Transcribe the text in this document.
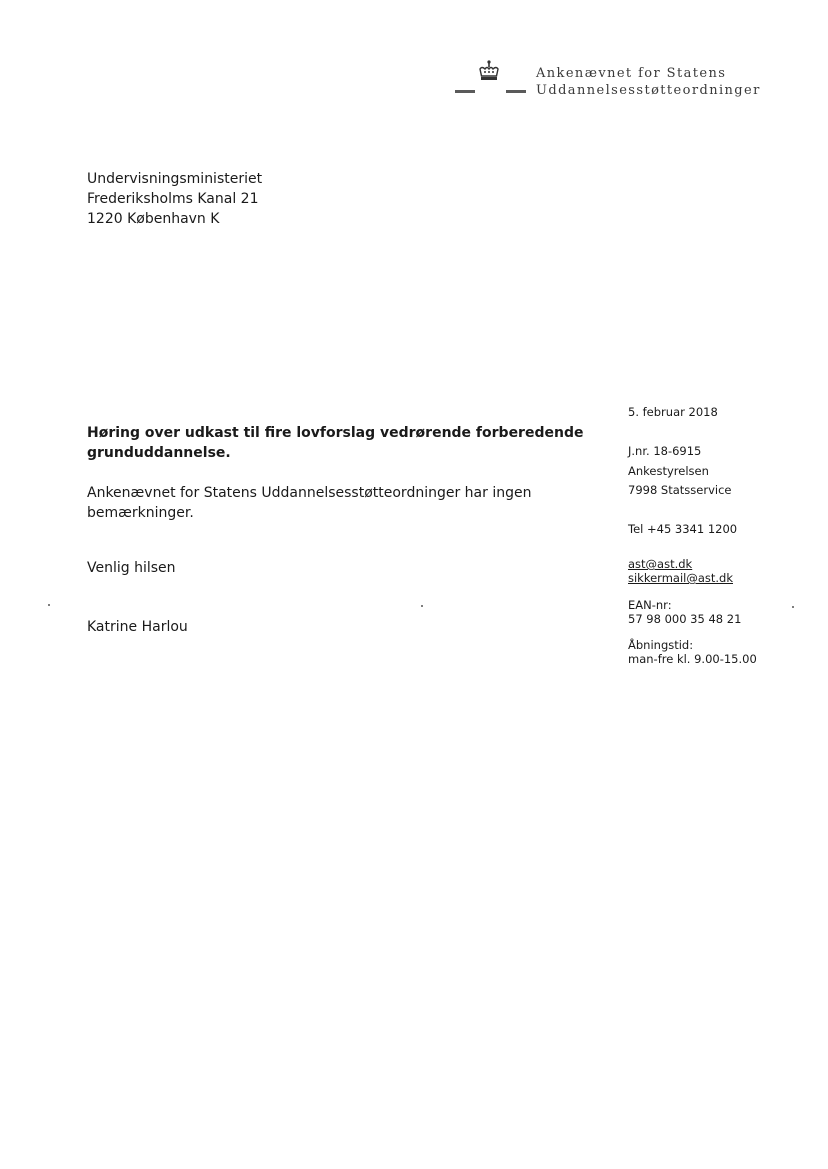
Ankenævnet for Statens
Uddannelsesstøtteordninger
Undervisningsministeriet
Frederiksholms Kanal 21
1220 København K
Høring over udkast til fire lovforslag vedrørende forberedende
grunduddannelse.
Ankenævnet for Statens Uddannelsesstøtteordninger har ingen
bemærkninger.
Venlig hilsen
Katrine Harlou
5. februar 2018
J.nr. 18-6915
Ankestyrelsen
7998 Statsservice
Tel +45 3341 1200
ast@ast.dk
sikkermail@ast.dk
EAN-nr:
57 98 000 35 48 21
Åbningstid:
man-fre kl. 9.00-15.00
